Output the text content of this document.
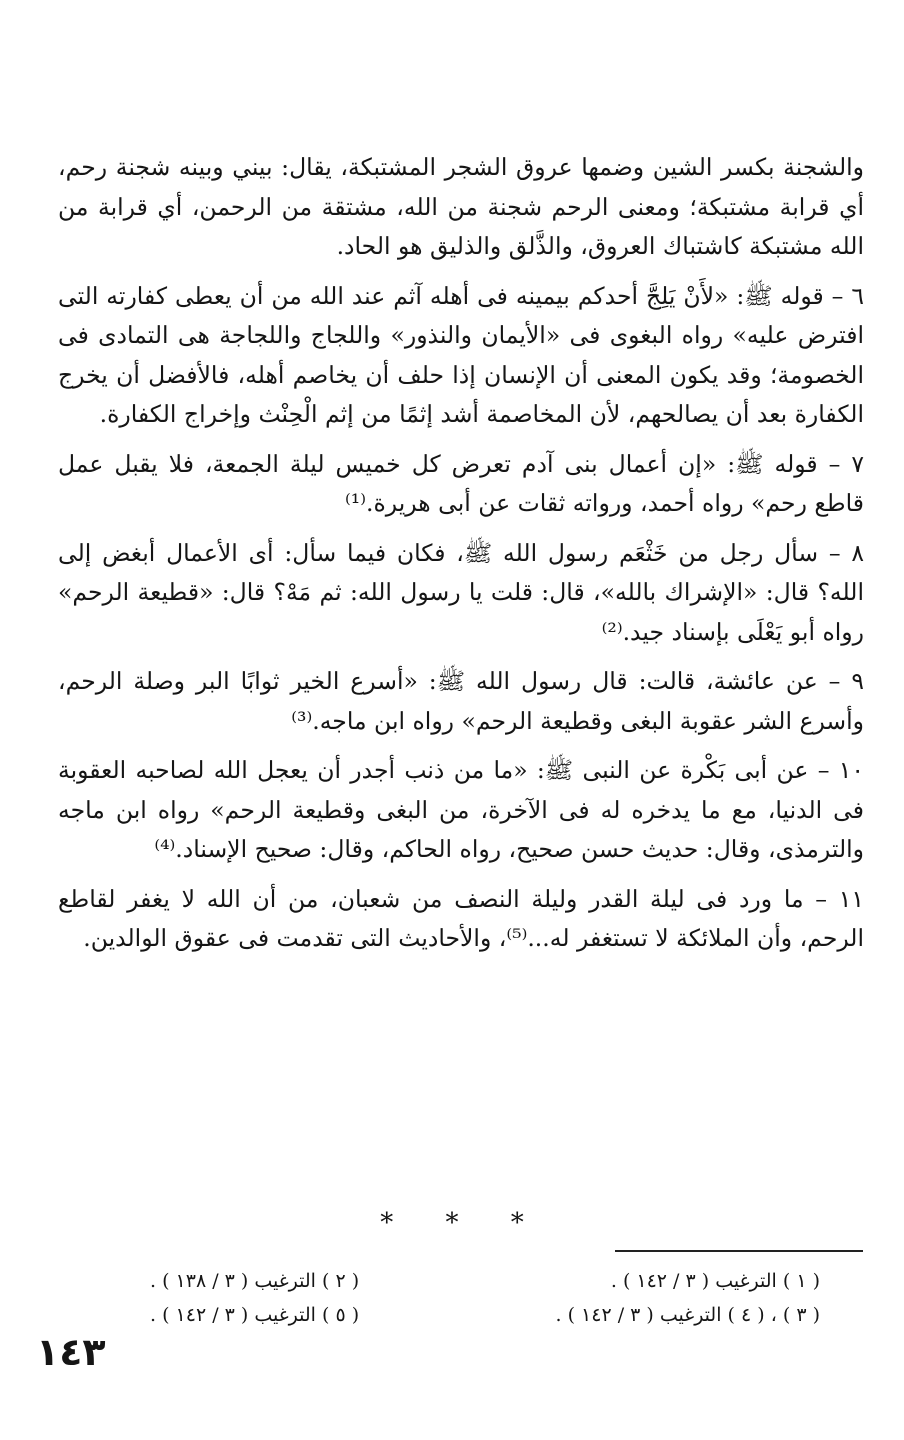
والشجنة بكسر الشين وضمها عروق الشجر المشتبكة، يقال: بيني وبينه شجنة رحم، أي قرابة مشتبكة؛ ومعنى الرحم شجنة من الله، مشتقة من الرحمن، أي قرابة من الله مشتبكة كاشتباك العروق، والذَّلق والذليق هو الحاد.

٦ – قوله ﷺ: «لأَنْ يَلِجَّ أحدكم بيمينه فى أهله آثم عند الله من أن يعطى كفارته التى افترض عليه» رواه البغوى فى «الأيمان والنذور» واللجاج واللجاجة هى التمادى فى الخصومة؛ وقد يكون المعنى أن الإنسان إذا حلف أن يخاصم أهله، فالأفضل أن يخرج الكفارة بعد أن يصالحهم، لأن المخاصمة أشد إثمًا من إثم الْحِنْث وإخراج الكفارة.

٧ – قوله ﷺ: «إن أعمال بنى آدم تعرض كل خميس ليلة الجمعة، فلا يقبل عمل قاطع رحم» رواه أحمد، ورواته ثقات عن أبى هريرة.⁽¹⁾

٨ – سأل رجل من خَثْعَم رسول الله ﷺ، فكان فيما سأل: أى الأعمال أبغض إلى الله؟ قال: «الإشراك بالله»، قال: قلت يا رسول الله: ثم مَهْ؟ قال: «قطيعة الرحم» رواه أبو يَعْلَى بإسناد جيد.⁽²⁾

٩ – عن عائشة، قالت: قال رسول الله ﷺ: «أسرع الخير ثوابًا البر وصلة الرحم، وأسرع الشر عقوبة البغى وقطيعة الرحم» رواه ابن ماجه.⁽³⁾

١٠ – عن أبى بَكْرة عن النبى ﷺ: «ما من ذنب أجدر أن يعجل الله لصاحبه العقوبة فى الدنيا، مع ما يدخره له فى الآخرة، من البغى وقطيعة الرحم» رواه ابن ماجه والترمذى، وقال: حديث حسن صحيح، رواه الحاكم، وقال: صحيح الإسناد.⁽⁴⁾

١١ – ما ورد فى ليلة القدر وليلة النصف من شعبان، من أن الله لا يغفر لقاطع الرحم، وأن الملائكة لا تستغفر له...⁽⁵⁾، والأحاديث التى تقدمت فى عقوق الوالدين.

* * *
( ١ ) الترغيب ( ٣ / ١٤٢ ) .
( ٢ ) الترغيب ( ٣ / ١٣٨ ) .
( ٣ ) ، ( ٤ ) الترغيب ( ٣ / ١٤٢ ) .
( ٥ ) الترغيب ( ٣ / ١٤٢ ) .
١٤٣
